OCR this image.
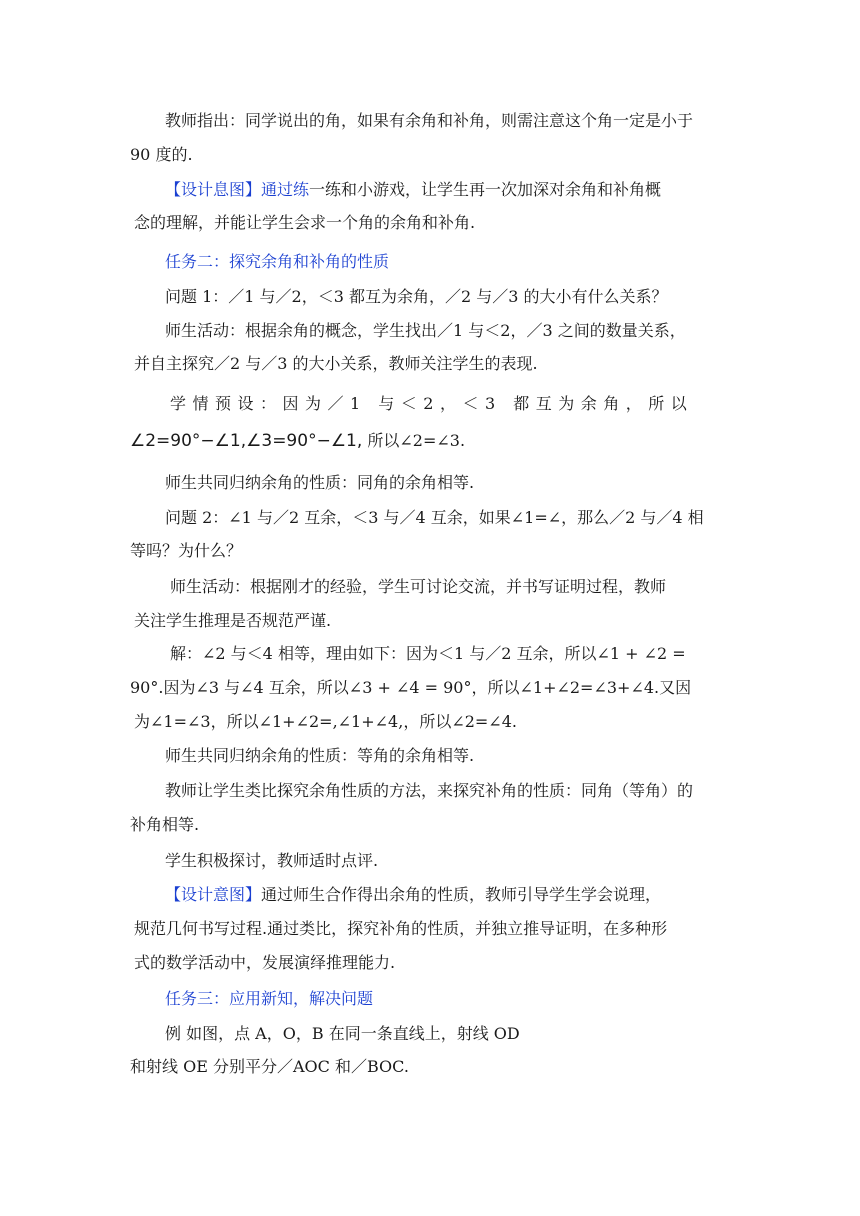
教师指出：同学说出的角，如果有余角和补角，则需注意这个角一定是小于
90 度的.
【设计息图】通过练一练和小游戏，让学生再一次加深对余角和补角概
念的理解，并能让学生会求一个角的余角和补角.
任务二：探究余角和补角的性质
问题 1：／1 与／2，＜3 都互为余角，／2 与／3 的大小有什么关系？
师生活动：根据余角的概念，学生找出／1 与＜2，／3 之间的数量关系，
并自主探究／2 与／3 的大小关系，教师关注学生的表现.
学情预设：因为／1 与＜2，＜3 都互为余角，所以
∠2=90°−∠1,∠3=90°−∠1, 所以∠2=∠3.
师生共同归纳余角的性质：同角的余角相等.
问题 2：∠1 与／2 互余，＜3 与／4 互余，如果∠1=∠，那么／2 与／4 相
等吗？为什么？
师生活动：根据刚才的经验，学生可讨论交流，并书写证明过程，教师
关注学生推理是否规范严谨.
解：∠2 与＜4 相等，理由如下：因为＜1 与／2 互余，所以∠1 + ∠2 =
90°.因为∠3 与∠4 互余，所以∠3 + ∠4 = 90°，所以∠1+∠2=∠3+∠4.又因
为∠1=∠3，所以∠1+∠2=,∠1+∠4,，所以∠2=∠4.
师生共同归纳余角的性质：等角的余角相等.
教师让学生类比探究余角性质的方法，来探究补角的性质：同角（等角）的
补角相等.
学生积极探讨，教师适时点评.
【设计意图】通过师生合作得出余角的性质，教师引导学生学会说理，
规范几何书写过程.通过类比，探究补角的性质，并独立推导证明，在多种形
式的数学活动中，发展演绎推理能力.
任务三：应用新知，解决问题
例 如图，点 A，O，B 在同一条直线上，射线 OD
和射线 OE 分别平分／AOC 和／BOC.
